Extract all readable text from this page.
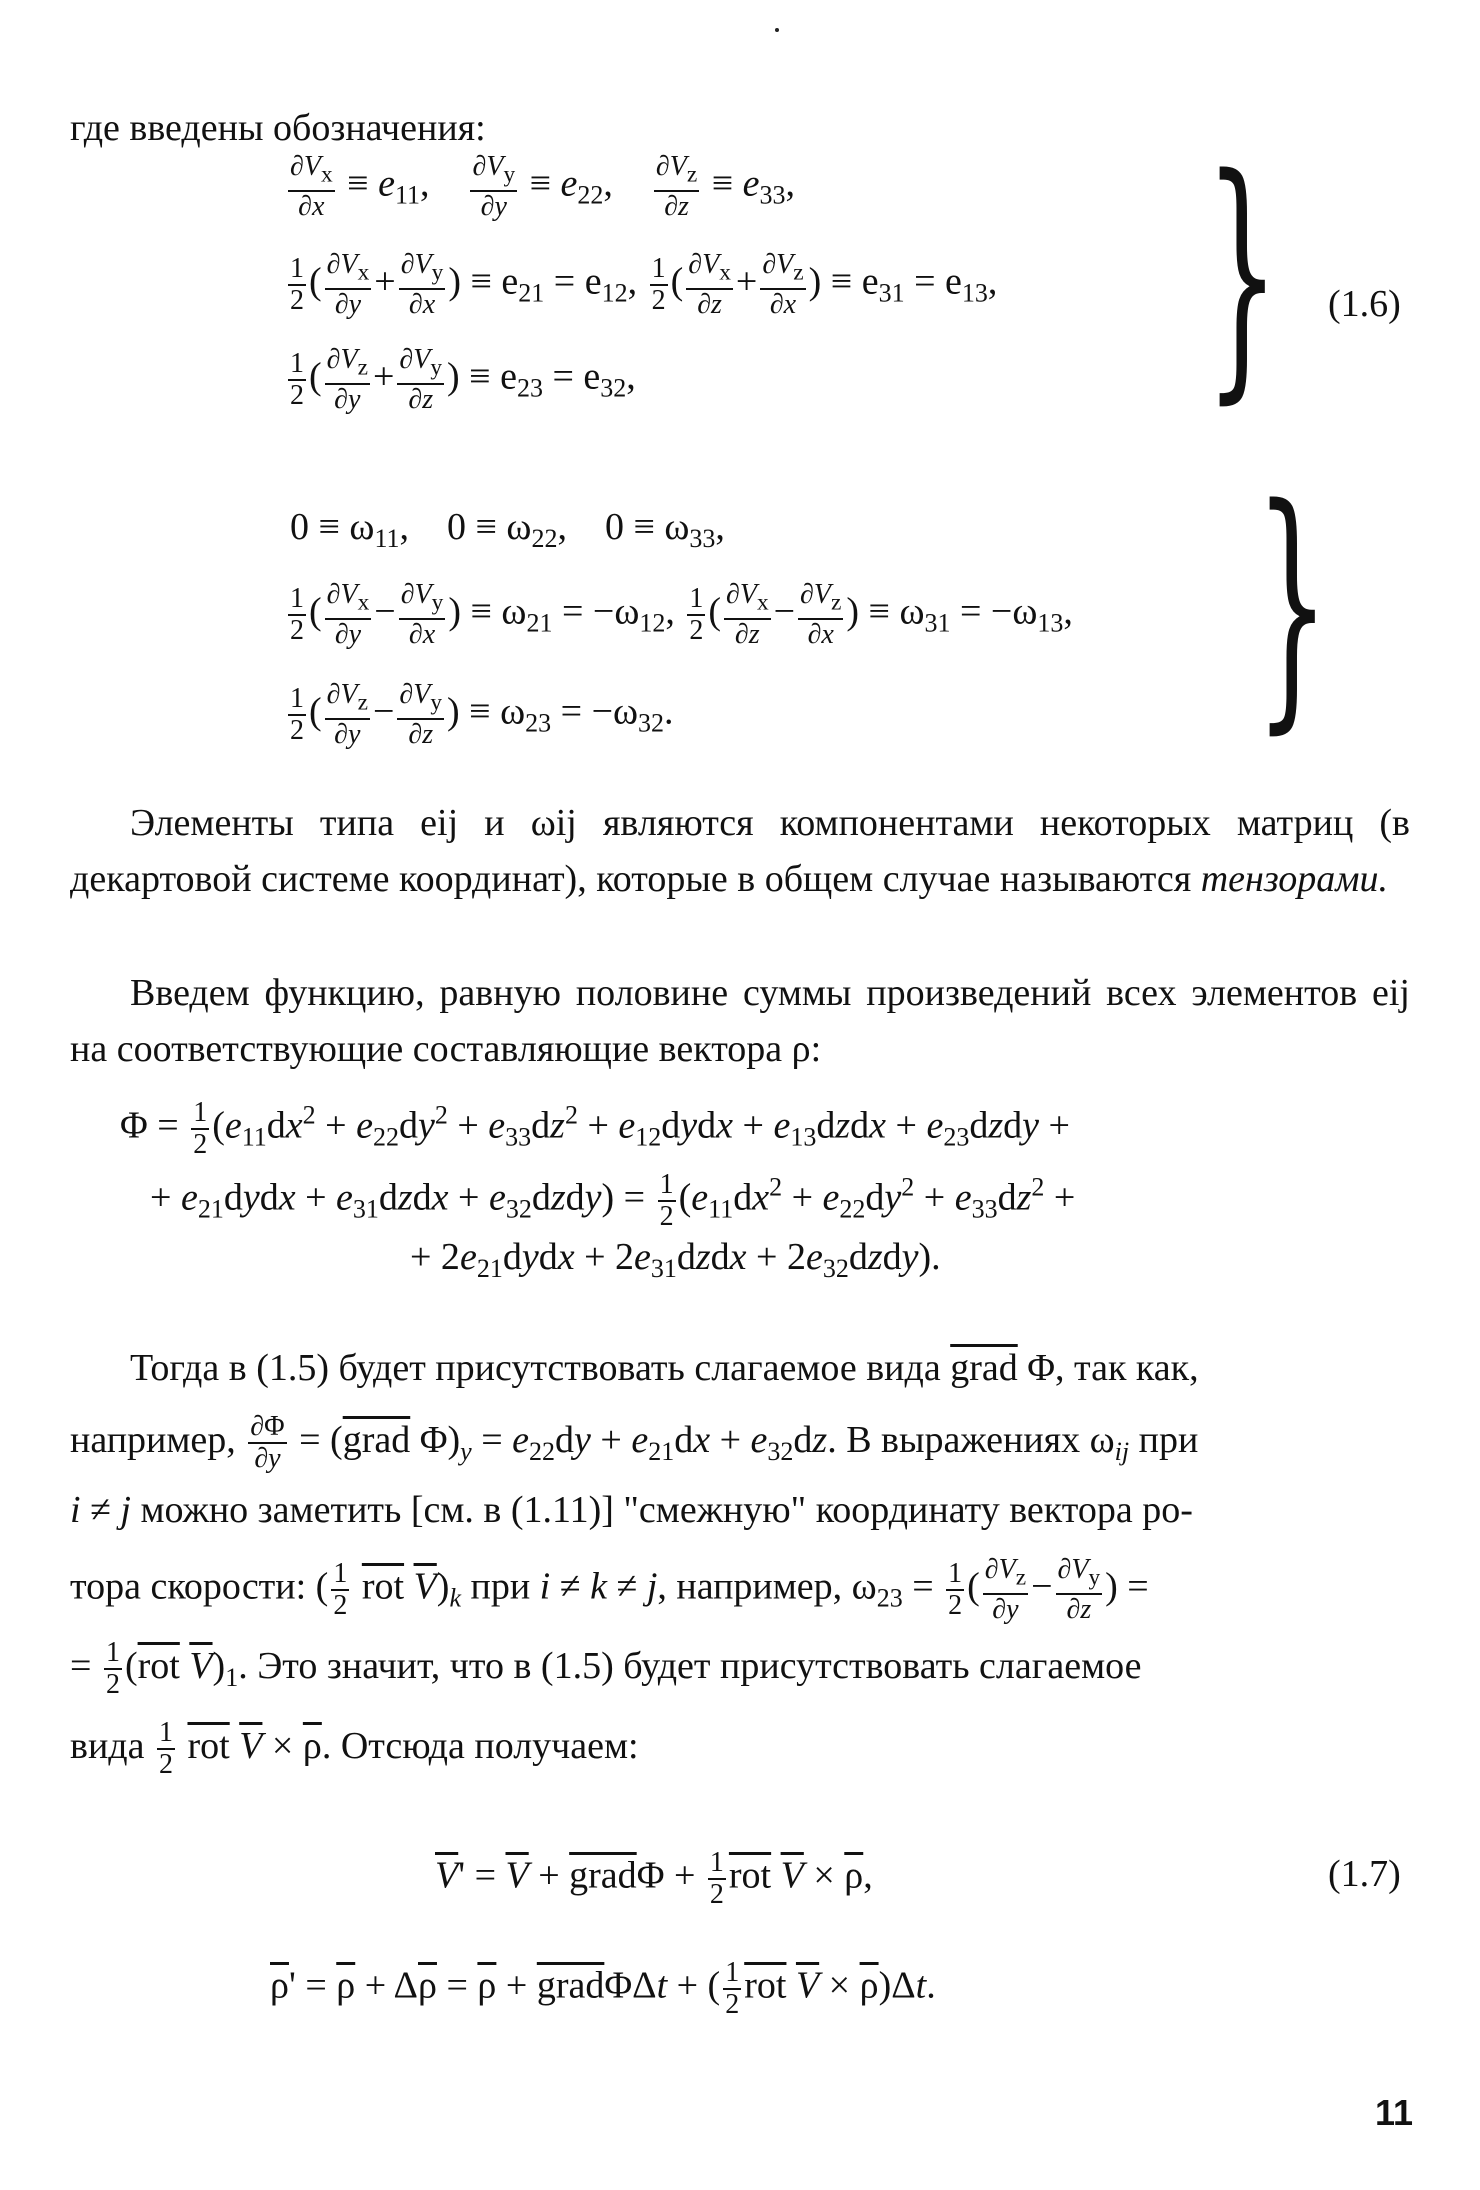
где введены обозначения:
$\frac{\partial V_x}{\partial x} \equiv e_{11}$, $\frac{\partial V_y}{\partial y} \equiv e_{22}$, $\frac{\partial V_z}{\partial z} \equiv e_{33}$,
$\frac{1}{2}$ ( $\frac{\partial V_x}{\partial y} + \frac{\partial V_y}{\partial x}$ ) ≡ $e_{21} = e_{12}$, $\frac{1}{2}$ ( $\frac{\partial V_x}{\partial z} + \frac{\partial V_z}{\partial x}$ ) ≡ $e_{31} = e_{13}$,
$\frac{1}{2}$ ( $\frac{\partial V_z}{\partial y} + \frac{\partial V_y}{\partial z}$ ) ≡ $e_{23} = e_{32}$, } (1.6)
$0 \equiv \omega_{11}$,    $0 \equiv \omega_{22}$,    $0 \equiv \omega_{33}$,
$\frac{1}{2}$ ( $\frac{\partial V_x}{\partial y} - \frac{\partial V_y}{\partial x}$ ) ≡ $\omega_{21} = -\omega_{12}$, $\frac{1}{2}$ ( $\frac{\partial V_x}{\partial z} - \frac{\partial V_z}{\partial x}$ ) ≡ $\omega_{31} = -\omega_{13}$,
$\frac{1}{2}$ ( $\frac{\partial V_z}{\partial y} - \frac{\partial V_y}{\partial z}$ ) ≡ $\omega_{23} = -\omega_{32}$. }
Элементы типа eij и ωij являются компонентами некоторых матриц (в декартовой системе координат), которые в общем случае называются тензорами.
Введем функцию, равную половине суммы произведений всех элементов eij на соответствующие составляющие вектора ρ:
$\Phi = \frac{1}{2} (e_{11}dx^2 + e_{22}dy^2 + e_{33}dz^2$ + $e_{12}dydx$ + $e_{13}dzdx$ + $e_{23}dzdy$ +
+ $e_{21}dydx$ + $e_{31}dzdx$ + $e_{32}dzdy) = \frac{1}{2} (e_{11}dx^2 + e_{22}dy^2 + e_{33}dz^2$ +
+ $2e_{21}dydx$ + $2e_{31}dzdx$ + $2e_{32}dzdy$).
Тогда в (1.5) будет присутствовать слагаемое вида grad Φ, так как,
например, $\frac{\partial\Phi}{\partial y}$ = (grad $\Phi)_y = e_{22}dy + e_{21}dx + e_{32}dz$. В выражениях $\omega_{ij}$ при
i ≠ j можно заметить [см. в (1.11)] "смежную" координату вектора ро-
тора скорости: ( $\frac{1}{2} \overline{rot}$ $\overline{V})_k$ при i ≠ k ≠ j, например, $\omega_{23} = \frac{1}{2}$ ( $\frac{\partial V_z}{\partial y} - \frac{\partial V_y}{\partial z}$ ) =
= $\frac{1}{2} (\overline{rot}$ $\overline{V})_1$. Это значит, что в (1.5) будет присутствовать слагаемое
вида $\frac{1}{2} \overline{rot}$ $\overline{V} \times \overline{\rho}$. Отсюда получаем:
$\overline{V}' = \overline{V}$ + gradΦ + $\frac{1}{2} \overline{rot}$ $\overline{V} \times \overline{\rho}$,	(1.7)
$\overline{\rho}' = \overline{\rho} + \Delta\overline{\rho} = \overline{\rho}$ + gradΦΔt + ( $\frac{1}{2} \overline{rot}$ $\overline{V} \times \overline{\rho})\Delta t$.
11
